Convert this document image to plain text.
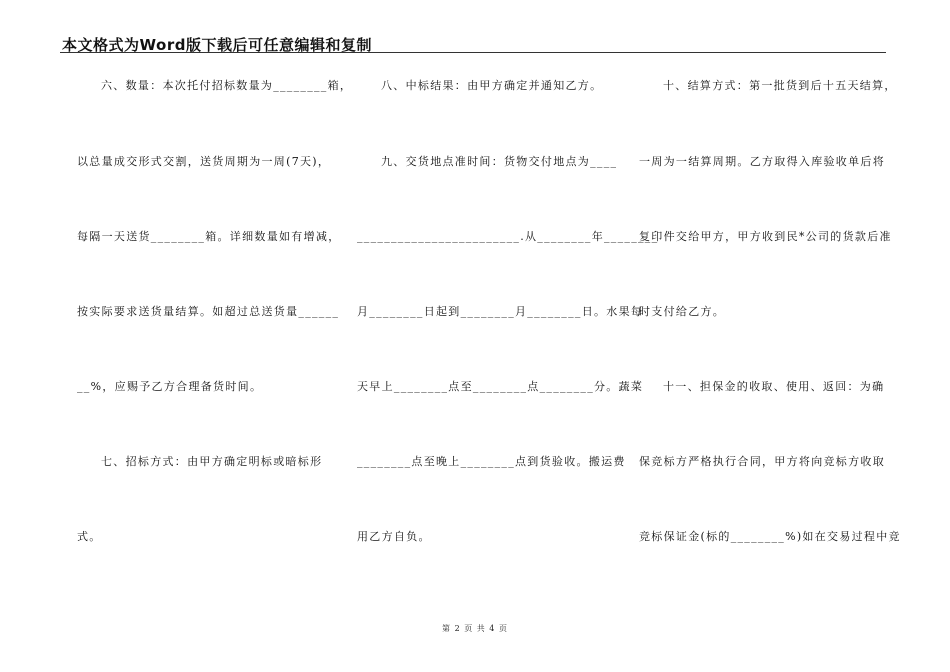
本文格式为Word版下载后可任意编辑和复制
六、数量：本次托付招标数量为________箱，
以总量成交形式交割，送货周期为一周(7天)，
每隔一天送货________箱。详细数量如有增减，
按实际要求送货量结算。如超过总送货量______
__%，应赐予乙方合理备货时间。
七、招标方式：由甲方确定明标或暗标形
式。
八、中标结果：由甲方确定并通知乙方。
九、交货地点准时间：货物交付地点为____
________________________.从________年________
月________日起到________月________日。水果每
天早上________点至________点________分。蔬菜
________点至晚上________点到货验收。搬运费
用乙方自负。
十、结算方式：第一批货到后十五天结算，
一周为一结算周期。乙方取得入库验收单后将
复印件交给甲方，甲方收到民*公司的货款后准
时支付给乙方。
十一、担保金的收取、使用、返回：为确
保竞标方严格执行合同，甲方将向竞标方收取
竞标保证金(标的________%)如在交易过程中竞
第 2 页 共 4 页
